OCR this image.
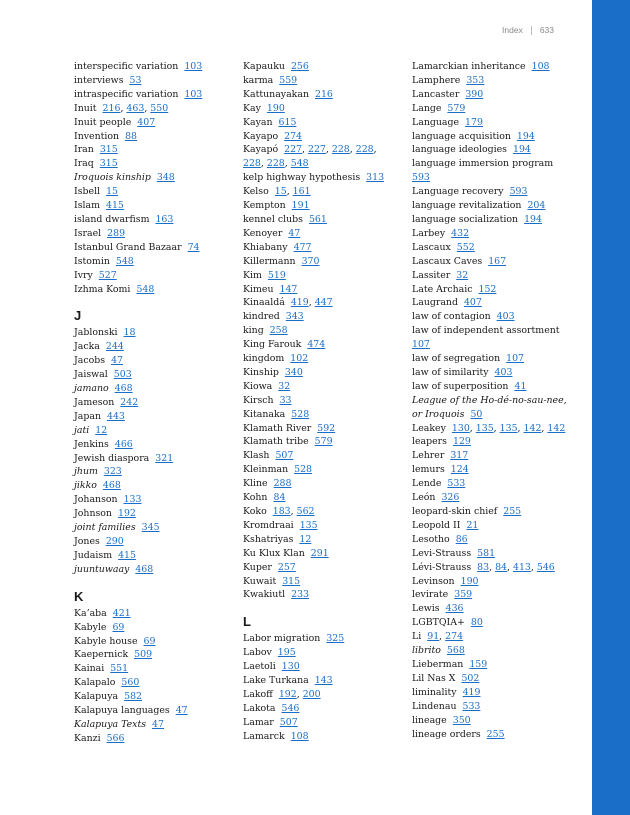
Index 633
interspecific variation 103
interviews 53
intraspecific variation 103
Inuit 216, 463, 550
Inuit people 407
Invention 88
Iran 315
Iraq 315
Iroquois kinship 348
Isbell 15
Islam 415
island dwarfism 163
Israel 289
Istanbul Grand Bazaar 74
Istomin 548
Ivry 527
Izhma Komi 548
J
Jablonski 18
Jacka 244
Jacobs 47
Jaiswal 503
jamano 468
Jameson 242
Japan 443
jati 12
Jenkins 466
Jewish diaspora 321
jhum 323
jikko 468
Johanson 133
Johnson 192
joint families 345
Jones 290
Judaism 415
juuntuwaay 468
K
Ka’aba 421
Kabyle 69
Kabyle house 69
Kaepernick 509
Kainai 551
Kalapalo 560
Kalapuya 582
Kalapuya languages 47
Kalapuya Texts 47
Kanzi 566
Kapauku 256
karma 559
Kattunayakan 216
Kay 190
Kayan 615
Kayapo 274
Kayapó 227, 227, 228, 228,
228, 228, 548
kelp highway hypothesis 313
Kelso 15, 161
Kempton 191
kennel clubs 561
Kenoyer 47
Khiabany 477
Killermann 370
Kim 519
Kimeu 147
Kinaaldá 419, 447
kindred 343
king 258
King Farouk 474
kingdom 102
Kinship 340
Kiowa 32
Kirsch 33
Kitanaka 528
Klamath River 592
Klamath tribe 579
Klash 507
Kleinman 528
Kline 288
Kohn 84
Koko 183, 562
Kromdraai 135
Kshatriyas 12
Ku Klux Klan 291
Kuper 257
Kuwait 315
Kwakiutl 233
L
Labor migration 325
Labov 195
Laetoli 130
Lake Turkana 143
Lakoff 192, 200
Lakota 546
Lamar 507
Lamarck 108
Lamarckian inheritance 108
Lamphere 353
Lancaster 390
Lange 579
Language 179
language acquisition 194
language ideologies 194
language immersion program
593
Language recovery 593
language revitalization 204
language socialization 194
Larbey 432
Lascaux 552
Lascaux Caves 167
Lassiter 32
Late Archaic 152
Laugrand 407
law of contagion 403
law of independent assortment
107
law of segregation 107
law of similarity 403
law of superposition 41
League of the Ho-dé-no-sau-nee,
or Iroquois 50
Leakey 130, 135, 135, 142, 142
leapers 129
Lehrer 317
lemurs 124
Lende 533
León 326
leopard-skin chief 255
Leopold II 21
Lesotho 86
Levi-Strauss 581
Lévi-Strauss 83, 84, 413, 546
Levinson 190
levirate 359
Lewis 436
LGBTQIA+ 80
Li 91, 274
librito 568
Lieberman 159
Lil Nas X 502
liminality 419
Lindenau 533
lineage 350
lineage orders 255
